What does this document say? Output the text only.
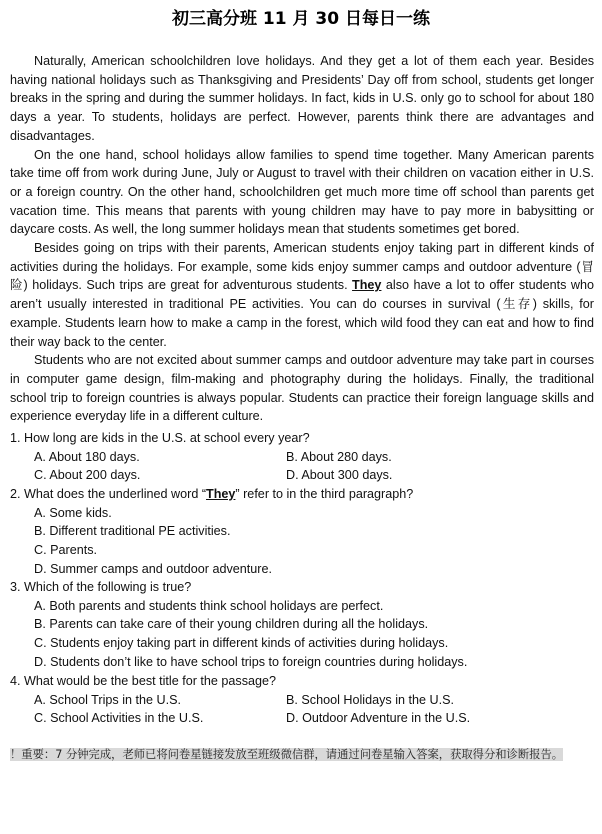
初三高分班 11 月 30 日每日一练

Naturally, American schoolchildren love holidays. And they get a lot of them each year. Besides having national holidays such as Thanksgiving and Presidents’ Day off from school, students get longer breaks in the spring and during the summer holidays. In fact, kids in U.S. only go to school for about 180 days a year. To students, holidays are perfect. However, parents think there are advantages and disadvantages.

On the one hand, school holidays allow families to spend time together. Many American parents take time off from work during June, July or August to travel with their children on vacation either in U.S. or a foreign country. On the other hand, schoolchildren get much more time off school than parents get vacation time. This means that parents with young children may have to pay more in babysitting or daycare costs. As well, the long summer holidays mean that students sometimes get bored.

Besides going on trips with their parents, American students enjoy taking part in different kinds of activities during the holidays. For example, some kids enjoy summer camps and outdoor adventure (冒险) holidays. Such trips are great for adventurous students. They also have a lot to offer students who aren’t usually interested in traditional PE activities. You can do courses in survival (生存) skills, for example. Students learn how to make a camp in the forest, which wild food they can eat and how to find their way back to the center.

Students who are not excited about summer camps and outdoor adventure may take part in courses in computer game design, film-making and photography during the holidays. Finally, the traditional school trip to foreign countries is always popular. Students can practice their foreign language skills and experience everyday life in a different culture.

1. How long are kids in the U.S. at school every year?

A. About 180 days.	B. About 280 days.
C. About 200 days.	D. About 300 days.

2. What does the underlined word “They” refer to in the third paragraph?

A. Some kids.

B. Different traditional PE activities.

C. Parents.

D. Summer camps and outdoor adventure.

3. Which of the following is true?

A. Both parents and students think school holidays are perfect.

B. Parents can take care of their young children during all the holidays.

C. Students enjoy taking part in different kinds of activities during holidays.

D. Students don’t like to have school trips to foreign countries during holidays.

4. What would be the best title for the passage?

A. School Trips in the U.S.	B. School Holidays in the U.S.
C. School Activities in the U.S.	D. Outdoor Adventure in the U.S.
！重要：7 分钟完成，老师已将问卷星链接发放至班级微信群，请通过问卷星输入答案，获取得分和诊断报告。
